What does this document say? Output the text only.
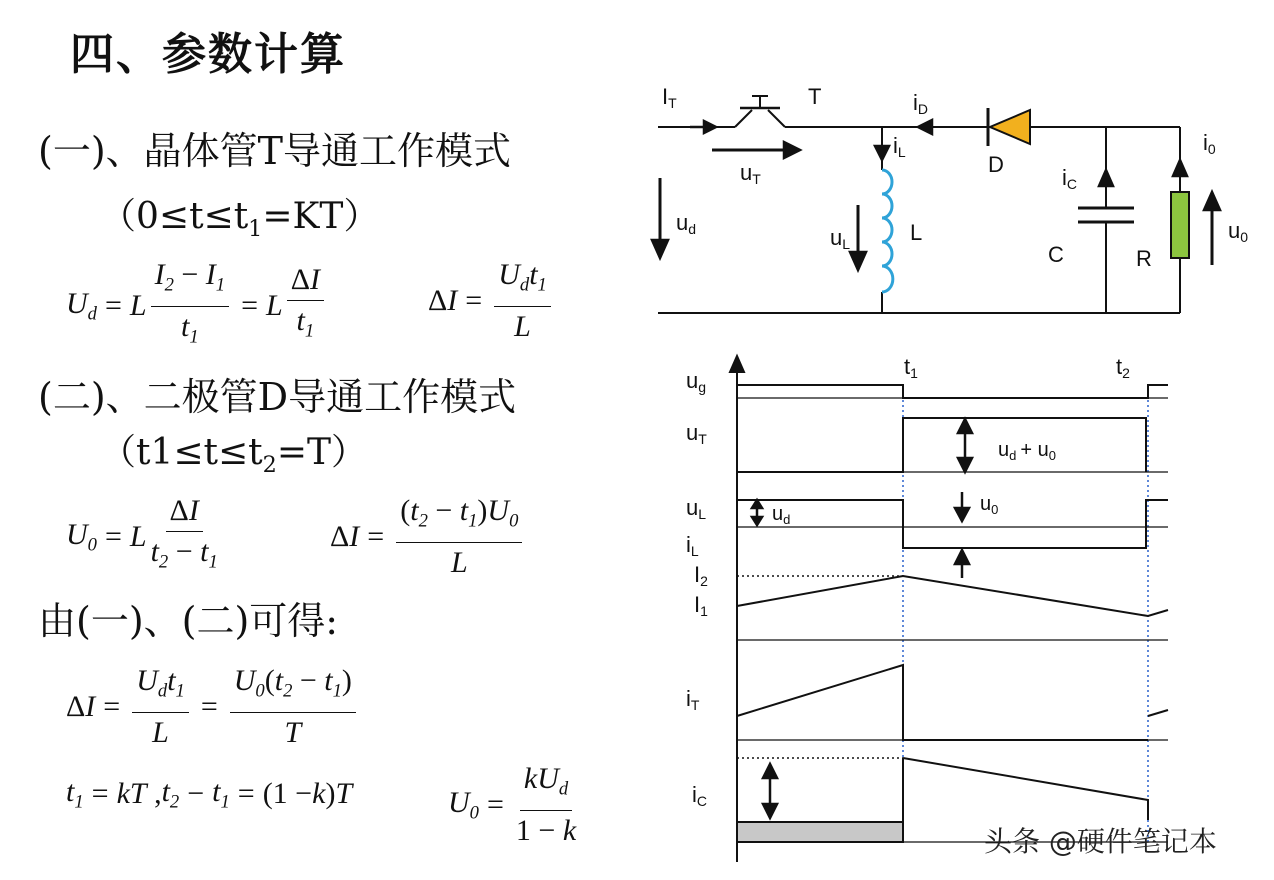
四、参数计算
(一)、晶体管T导通工作模式
$(0\le t\le t_1=KT)$
$U_d = L \frac{I_2 - I_1}{t_1} = L \frac{\Delta I}{t_1}$	$\Delta I = \frac{U_dt_1}{L}$
(二)、二极管D导通工作模式
$(t1\le t\le t_2=T)$
$U_0 = L \frac{\Delta I}{t_2 - t_1}$	$\Delta I = \frac{(t_2 - t_1)U_0}{L}$
由(一)、(二)可得:
$\Delta I = \frac{U_dt_1}{L} = \frac{U_0(t_2 - t_1)}{T}$
$t_1$ = kT , $t_2 - t_1 = (1 - k$ ) T	$U_0 = \frac{kU_d}{1 - k}$
IT	T
uT
ud
iD
iL
uL	L
D
iC
C
i0
R
u0
ug
uT
uL
iL
I2
I1
iT
iC
t1	t2
$u_d + u_0$
$u_d$
$u_0$
头条 @硬件笔记本
